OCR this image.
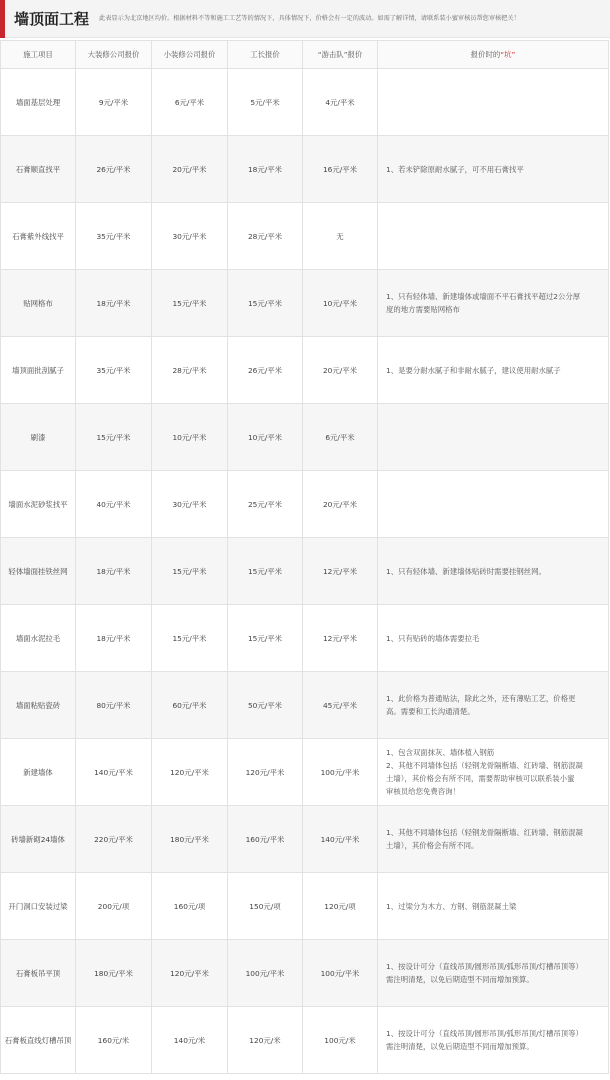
墙顶面工程 此表显示为北京地区均价。根据材料不等和施工工艺等的情况下，具体情况下，价格会有一定的波动。如需了解详情，请联系装小蜜审核员帮您审核把关！
施工项目	大装修公司报价	小装修公司报价	工长报价	“游击队”报价	报价时的“坑”
墙面基层处理	9元/平米	6元/平米	5元/平米	4元/平米	
石膏顺直找平	26元/平米	20元/平米	18元/平米	16元/平米	1、若未铲除原耐水腻子，可不用石膏找平
石膏紫外线找平	35元/平米	30元/平米	28元/平米	无	
贴网格布	18元/平米	15元/平米	15元/平米	10元/平米	1、只有轻体墙、新建墙体或墙面不平石膏找平超过2公分厚
度的地方需要贴网格布
墙顶面批刮腻子	35元/平米	28元/平米	26元/平米	20元/平米	1、是要分耐水腻子和非耐水腻子，建议使用耐水腻子
刷漆	15元/平米	10元/平米	10元/平米	6元/平米	
墙面水泥砂浆找平	40元/平米	30元/平米	25元/平米	20元/平米	
轻体墙面挂铁丝网	18元/平米	15元/平米	15元/平米	12元/平米	1、只有轻体墙、新建墙体贴砖时需要挂钢丝网。
墙面水泥拉毛	18元/平米	15元/平米	15元/平米	12元/平米	1、只有贴砖的墙体需要拉毛
墙面粘贴瓷砖	80元/平米	60元/平米	50元/平米	45元/平米	1、此价格为普通贴法，除此之外，还有薄贴工艺，价格更
高。需要和工长沟通清楚。
新建墙体	140元/平米	120元/平米	120元/平米	100元/平米	1、包含双面抹灰、墙体植入钢筋
2、其他不同墙体包括（轻钢龙骨隔断墙、红砖墙、钢筋混凝
土墙），其价格会有所不同，需要帮助审核可以联系装小蜜
审核员给您免费咨询！
砖墙新砌24墙体	220元/平米	180元/平米	160元/平米	140元/平米	1、其他不同墙体包括（轻钢龙骨隔断墙、红砖墙、钢筋混凝
土墙），其价格会有所不同。
开门洞口安装过梁	200元/项	160元/项	150元/项	120元/项	1、过梁分为木方、方钢、钢筋混凝土梁
石膏板吊平顶	180元/平米	120元/平米	100元/平米	100元/平米	1、按设计可分（直线吊顶/圆形吊顶/弧形吊顶/灯槽吊顶等）
需注明清楚，以免后期造型不同而增加预算。
石膏板直线灯槽吊顶	160元/米	140元/米	120元/米	100元/米	1、按设计可分（直线吊顶/圆形吊顶/弧形吊顶/灯槽吊顶等）
需注明清楚，以免后期造型不同而增加预算。
